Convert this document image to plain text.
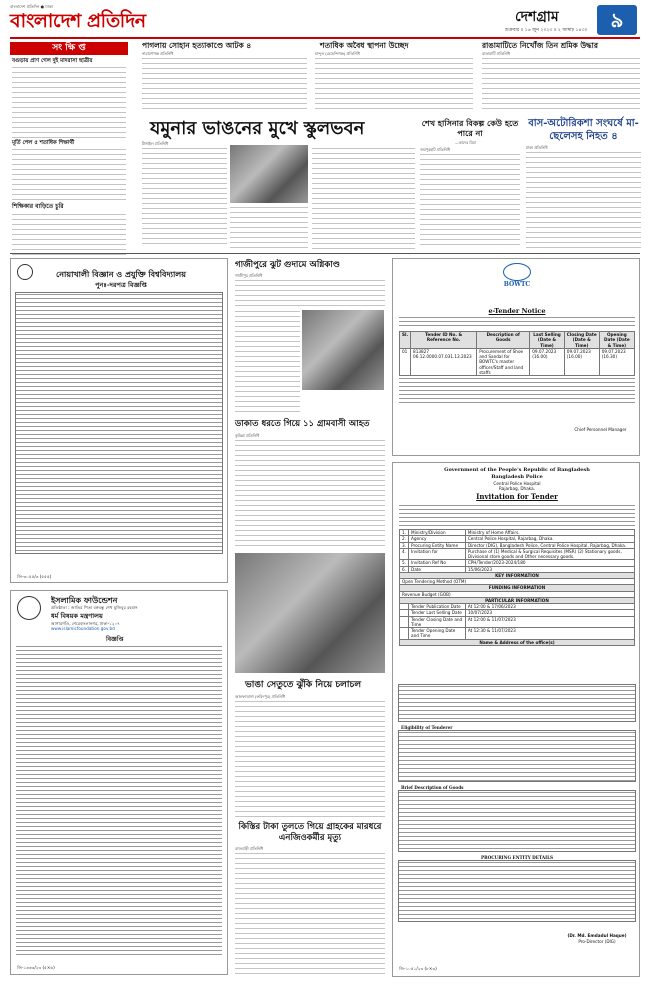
বাংলাদেশ প্রতিদিন ● ঢাকা
বাংলাদেশ প্রতিদিন	দেশগ্রাম	৯
শুক্রবার ॥ ১৬ জুন ২০২৩ ॥ ২ আষাঢ় ১৪৩০
সং ক্ষি প্ত
বগুড়ায় প্রাণ গেল দুই মাদরাসা ছাত্রীর
মূর্তি পেল ৫ শতাধিক শিক্ষার্থী
শিক্ষিকার বাড়িতে চুরি
পাগলায় সোহান হত্যাকাণ্ডে আটক ৪
নারায়ণগঞ্জ প্রতিনিধি
শতাধিক অবৈধ স্থাপনা উচ্ছেদ
চান্দুল (মেহেন্দিগঞ্জ) প্রতিনিধি
রাঙামাটিতে নিখোঁজ তিন শ্রমিক উদ্ধার
রাঙামাটি প্রতিনিধি
যমুনার ভাঙনের মুখে স্কুলভবন
টাঙ্গাইল প্রতিনিধি
শেখ হাসিনার বিকল্প কেউ হতে পারে না
—কাদের মিয়া
জয়পুরহাট প্রতিনিধি
বাস-অটোরিকশা সংঘর্ষে মা-ছেলেসহ নিহত ৪
ঢাকা প্রতিনিধি
নোয়াখালী বিজ্ঞান ও প্রযুক্তি বিশ্ববিদ্যালয়
পুনঃ-দরপত্র বিজ্ঞপ্তি
জি-৩০৫৫/৩ (৫৫৫)
ইসলামিক ফাউন্ডেশন
প্রতিষ্ঠাতা : জাতির পিতা বঙ্গবন্ধু শেখ মুজিবুর রহমান
ধর্ম বিষয়ক মন্ত্রণালয়
আগারগাঁও, শেরেবাংলানগর, ঢাকা-১২০৭
www.islamicfoundation.gov.bd
বিজ্ঞপ্তি
জি-১৩৩৩/২৩ (৫×৬)
গাজীপুরে ঝুট গুদামে অগ্নিকাণ্ড
গাজীপুর প্রতিনিধি
ডাকাত ধরতে গিয়ে ১১ গ্রামবাসী আহত
কুমিল্লা প্রতিনিধি
ভাঙা সেতুতে ঝুঁকি নিয়ে চলাচল
আলফাডাঙ্গা (ফরিদপুর) প্রতিনিধি
কিস্তির টাকা তুলতে গিয়ে গ্রাহকের মারধরে এনজিওকর্মীর মৃত্যু
রাজবাড়ী প্রতিনিধি
BOWTC
e-Tender Notice
Sl.	Tender ID No. & Reference No.	Description of Goods	Last Selling (Date & Time)	Closing Date (Date & Time)	Opening Date (Date & Time)
01	813827 06.12.0000.07.031.13.2023	Procurement of Shoe and Sandal for BOWTC's master officer/Staff and land staffs	09.07.2023 (16.00)	09.07.2023 (16.00)	09.07.2023 (16.30)
Chief Personnel Manager
Government of the People's Republic of Bangladesh
Bangladesh Police
Central Police Hospital
Rajarbag, Dhaka.
Invitation for Tender
1.	Ministry/Division	Ministry of Home Affairs.
2.	Agency	Central Police Hospital, Rajarbag, Dhaka.
3.	Procuring Entity Name	Director (DIG), Bangladesh Police, Central Police Hospital, Rajarbag, Dhaka.
4.	Invitation for	Purchase of (1) Medical & Surgical Requisites (MSR) (2) Stationary goods, Divisional store goods and Other necessary goods.
5.	Invitation Ref No	CPH/Tender/2023-2024/180
6.	Date	15/06/2023
KEY INFORMATION		
Open Tendering Method (OTM)		
FUNDING INFORMATION		
Revenue Budget (GOB)		
PARTICULAR INFORMATION		
	Tender Publication Date	At 12:00 & 17/06/2023
	Tender Last Selling Date	10/07/2023
	Tender Closing Date and Time	At 12:00 & 11/07/2023
	Tender Opening Date and Time	At 12:30 & 11/07/2023
Name & Address of the office(s)		
Eligibility of Tenderer
Brief Description of Goods
PROCURING ENTITY DETAILS
(Dr. Md. Emdadul Haque)
Pro-Director (DIG)
জি-১০৫১/২৩ (৮×৩)
